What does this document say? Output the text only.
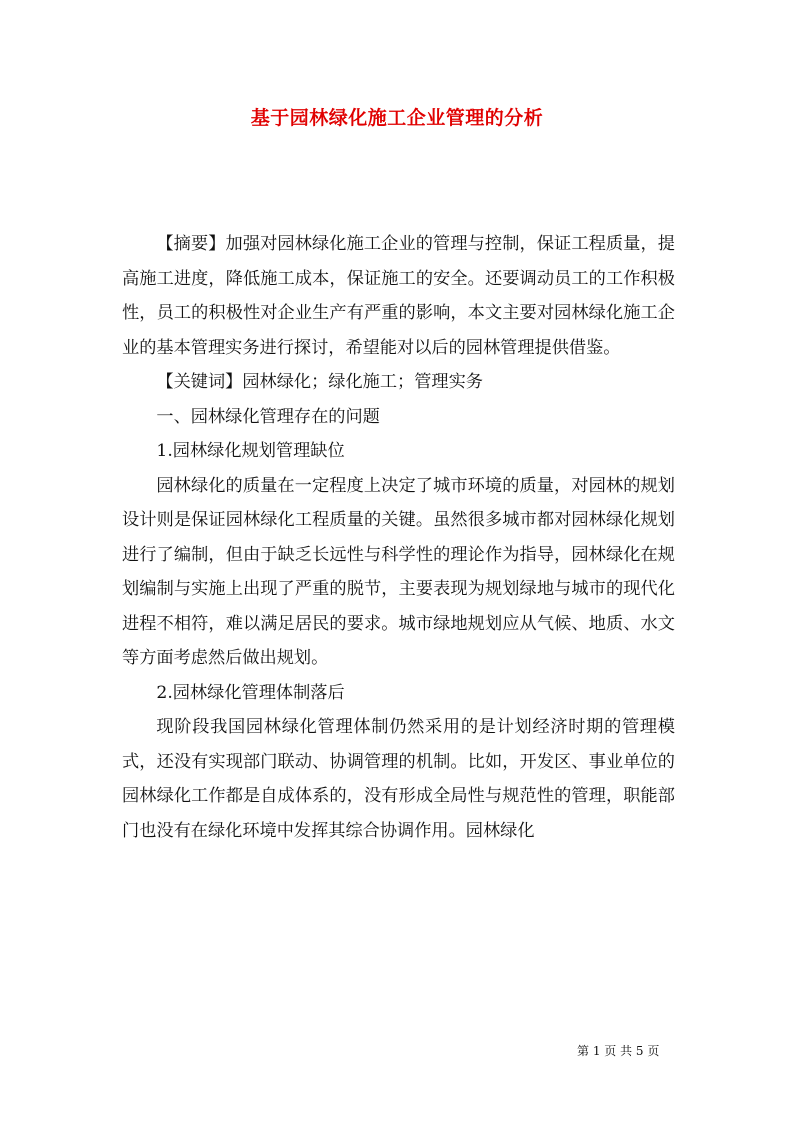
基于园林绿化施工企业管理的分析

【摘要】加强对园林绿化施工企业的管理与控制，保证工程质量，提高施工进度，降低施工成本，保证施工的安全。还要调动员工的工作积极性，员工的积极性对企业生产有严重的影响，本文主要对园林绿化施工企业的基本管理实务进行探讨，希望能对以后的园林管理提供借鉴。

【关键词】园林绿化；绿化施工；管理实务

一、园林绿化管理存在的问题

1.园林绿化规划管理缺位

园林绿化的质量在一定程度上决定了城市环境的质量，对园林的规划设计则是保证园林绿化工程质量的关键。虽然很多城市都对园林绿化规划进行了编制，但由于缺乏长远性与科学性的理论作为指导，园林绿化在规划编制与实施上出现了严重的脱节，主要表现为规划绿地与城市的现代化进程不相符，难以满足居民的要求。城市绿地规划应从气候、地质、水文等方面考虑然后做出规划。

2.园林绿化管理体制落后

现阶段我国园林绿化管理体制仍然采用的是计划经济时期的管理模式，还没有实现部门联动、协调管理的机制。比如，开发区、事业单位的园林绿化工作都是自成体系的，没有形成全局性与规范性的管理，职能部门也没有在绿化环境中发挥其综合协调作用。园林绿化

第 1 页 共 5 页
